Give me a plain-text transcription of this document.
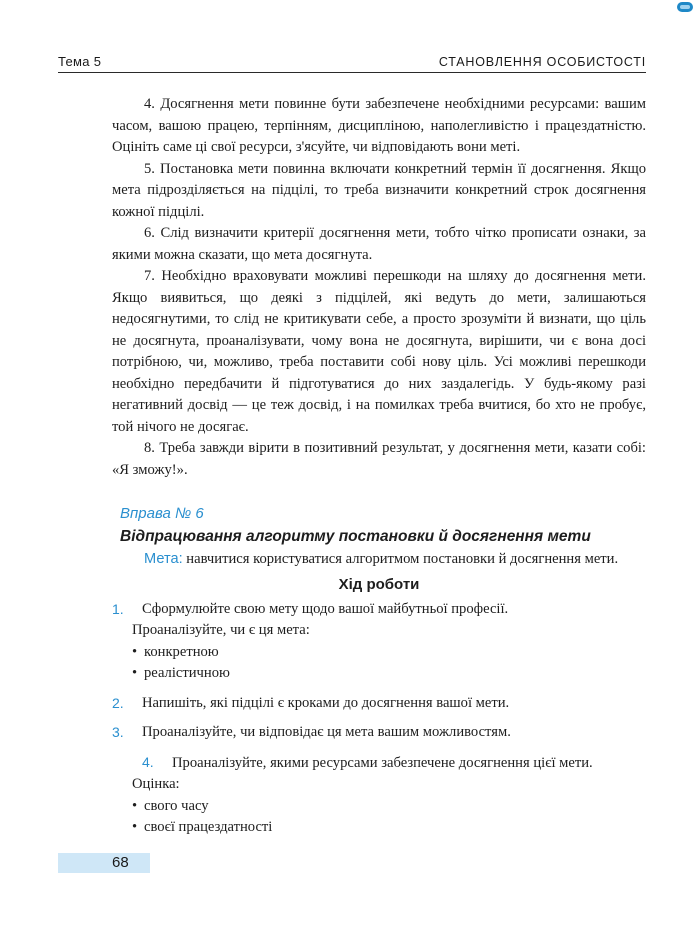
Тема 5	СТАНОВЛЕННЯ ОСОБИСТОСТІ

4. Досягнення мети повинне бути забезпечене необхідними ресурсами: вашим часом, вашою працею, терпінням, дисципліною, наполегливістю і працездатністю. Оцініть саме ці свої ресурси, з'ясуйте, чи відповідають вони меті.

5. Постановка мети повинна включати конкретний термін її досягнення. Якщо мета підрозділяється на підцілі, то треба визначити конкретний строк досягнення кожної підцілі.

6. Слід визначити критерії досягнення мети, тобто чітко прописати ознаки, за якими можна сказати, що мета досягнута.

7. Необхідно враховувати можливі перешкоди на шляху до досягнення мети. Якщо виявиться, що деякі з підцілей, які ведуть до мети, залишаються недосягнутими, то слід не критикувати себе, а просто зрозуміти й визнати, що ціль не досягнута, проаналізувати, чому вона не досягнута, вирішити, чи є вона досі потрібною, чи, можливо, треба поставити собі нову ціль. Усі можливі перешкоди необхідно передбачити й підготуватися до них заздалегідь. У будь-якому разі негативний досвід — це теж досвід, і на помилках треба вчитися, бо хто не пробує, той нічого не досягає.

8. Треба завжди вірити в позитивний результат, у досягнення мети, казати собі: «Я зможу!».

Вправа № 6
Відпрацювання алгоритму постановки й досягнення мети

Мета: навчитися користуватися алгоритмом постановки й досягнення мети.

Хід роботи

1.	Сформулюйте свою мету щодо вашої майбутньої професії.

Проаналізуйте, чи є ця мета:

• конкретною

• реалістичною

2.	Напишіть, які підцілі є кроками до досягнення вашої мети.

3.	Проаналізуйте, чи відповідає ця мета вашим можливостям.

4. Проаналізуйте, якими ресурсами забезпечене досягнення цієї мети.

Оцінка:

• свого часу

• своєї працездатності

68
